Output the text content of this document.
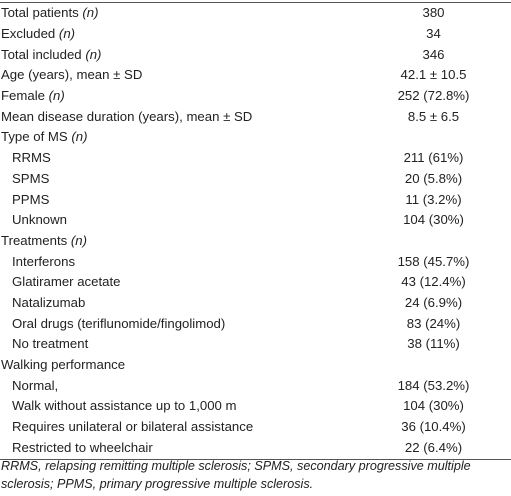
Total patients (n)	380
Excluded (n)	34
Total included (n)	346
Age (years), mean ± SD	42.1 ± 10.5
Female (n)	252 (72.8%)
Mean disease duration (years), mean ± SD	8.5 ± 6.5
Type of MS (n)	
RRMS	211 (61%)
SPMS	20 (5.8%)
PPMS	11 (3.2%)
Unknown	104 (30%)
Treatments (n)	
Interferons	158 (45.7%)
Glatiramer acetate	43 (12.4%)
Natalizumab	24 (6.9%)
Oral drugs (teriflunomide/fingolimod)	83 (24%)
No treatment	38 (11%)
Walking performance	
Normal,	184 (53.2%)
Walk without assistance up to 1,000 m	104 (30%)
Requires unilateral or bilateral assistance	36 (10.4%)
Restricted to wheelchair	22 (6.4%)
RRMS, relapsing remitting multiple sclerosis; SPMS, secondary progressive multiple
sclerosis; PPMS, primary progressive multiple sclerosis.
